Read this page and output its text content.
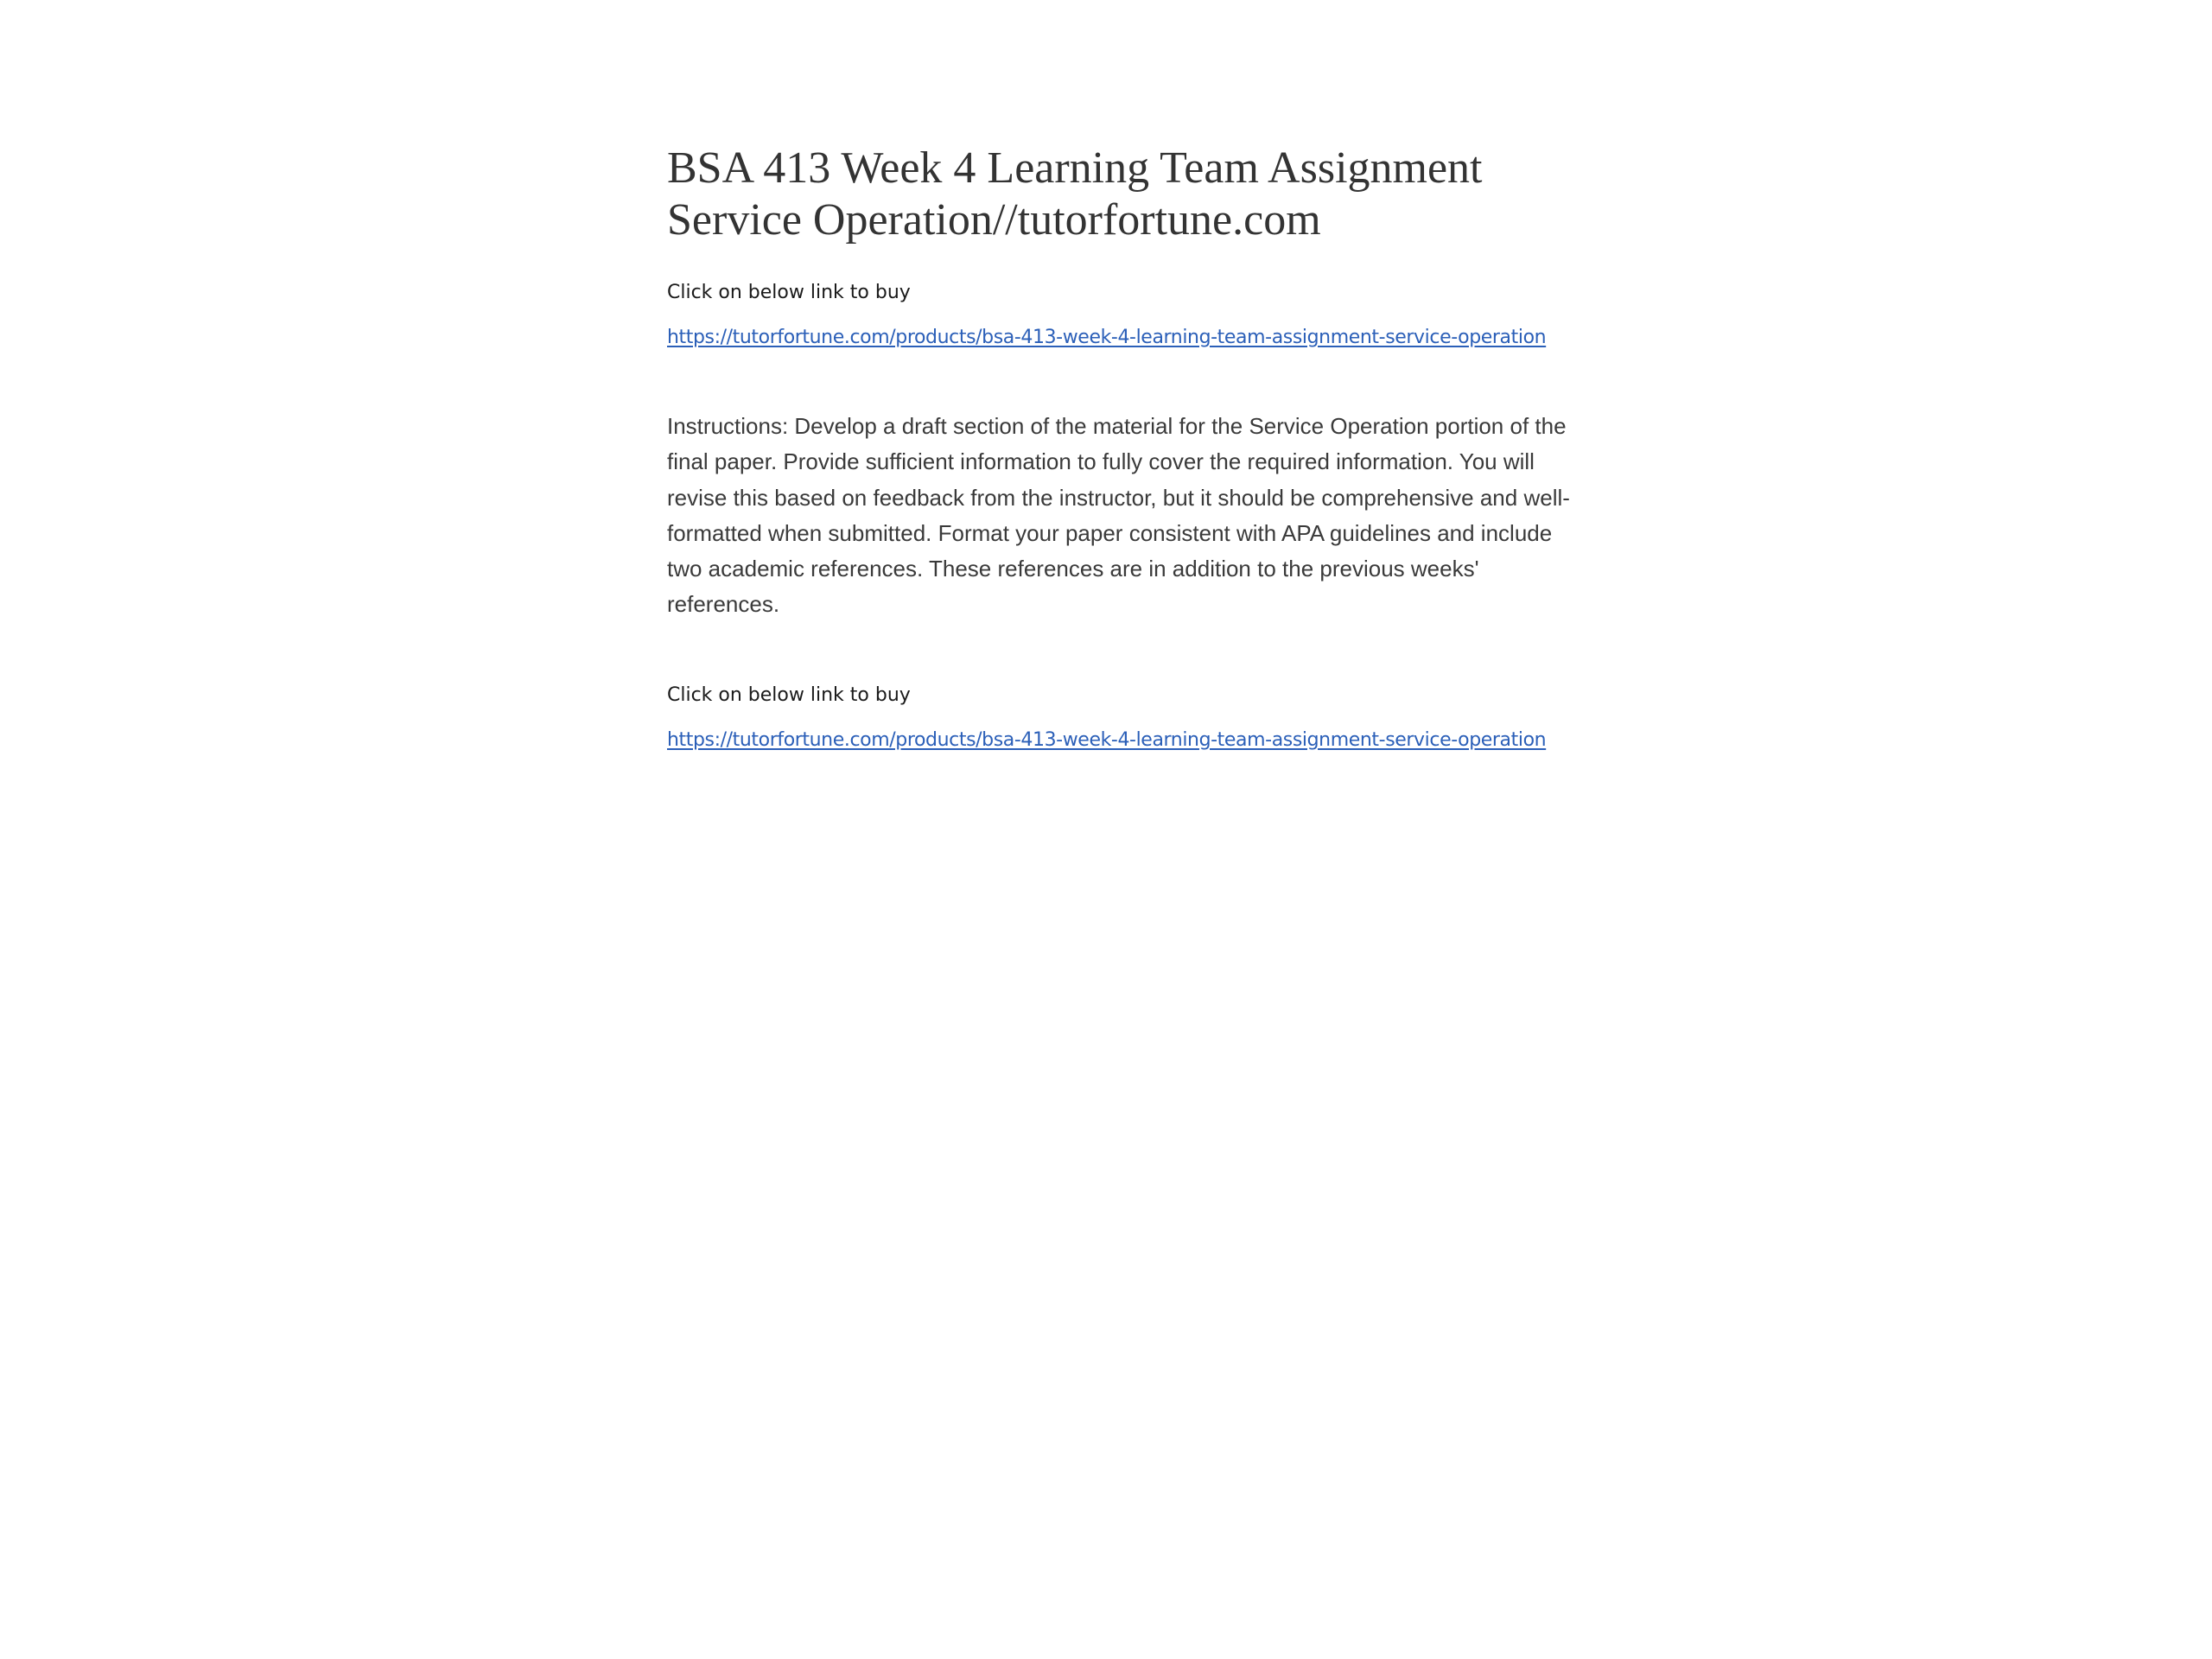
BSA 413 Week 4 Learning Team Assignment Service Operation//tutorfortune.com

Click on below link to buy

https://tutorfortune.com/products/bsa-413-week-4-learning-team-assignment-service-operation

Instructions: Develop a draft section of the material for the Service Operation portion of the final paper. Provide sufficient information to fully cover the required information. You will revise this based on feedback from the instructor, but it should be comprehensive and well-formatted when submitted. Format your paper consistent with APA guidelines and include two academic references. These references are in addition to the previous weeks' references.

Click on below link to buy

https://tutorfortune.com/products/bsa-413-week-4-learning-team-assignment-service-operation
